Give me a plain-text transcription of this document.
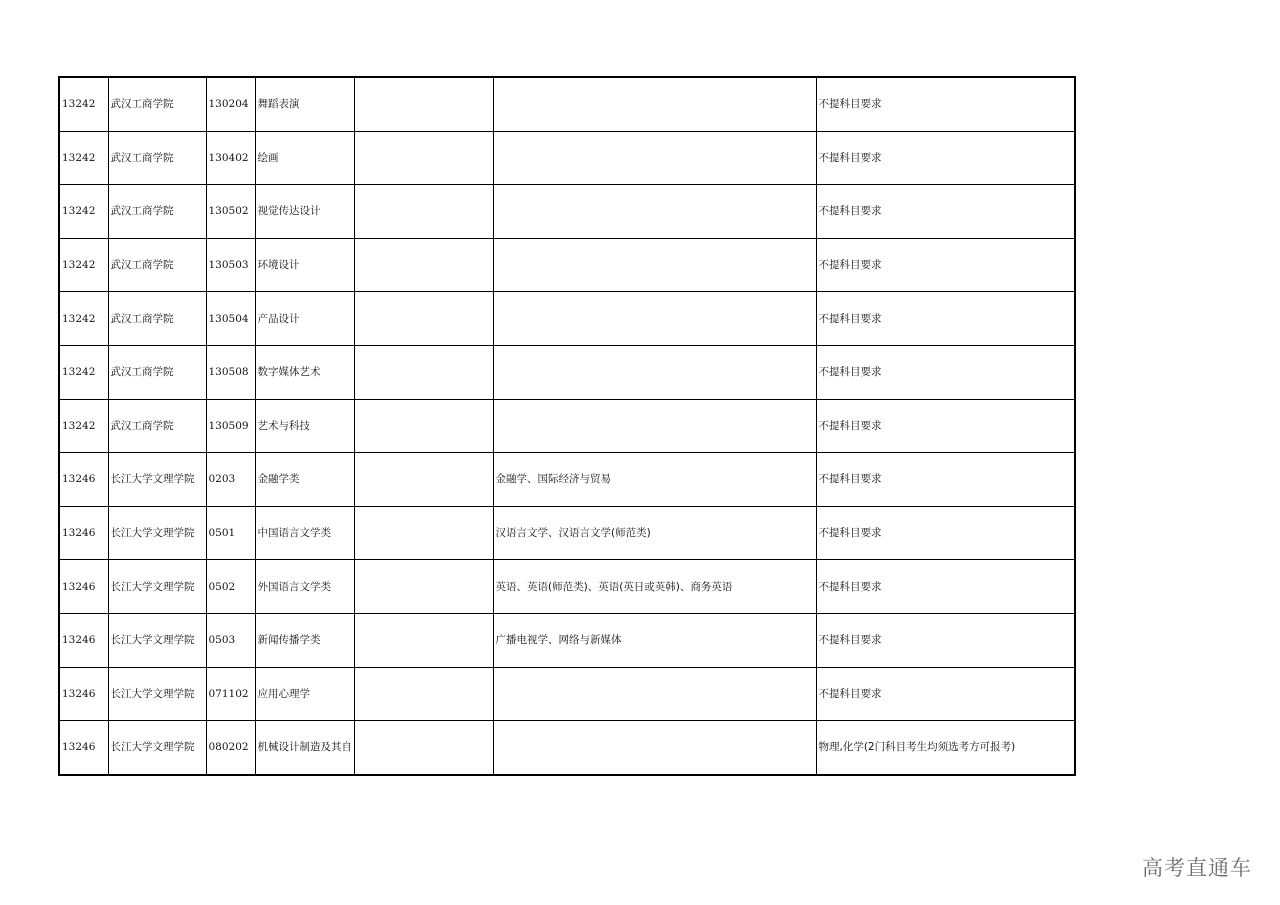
13242	武汉工商学院	130204	舞蹈表演			不提科目要求
13242	武汉工商学院	130402	绘画			不提科目要求
13242	武汉工商学院	130502	视觉传达设计			不提科目要求
13242	武汉工商学院	130503	环境设计			不提科目要求
13242	武汉工商学院	130504	产品设计			不提科目要求
13242	武汉工商学院	130508	数字媒体艺术			不提科目要求
13242	武汉工商学院	130509	艺术与科技			不提科目要求
13246	长江大学文理学院	0203	金融学类		金融学、国际经济与贸易	不提科目要求
13246	长江大学文理学院	0501	中国语言文学类		汉语言文学、汉语言文学(师范类)	不提科目要求
13246	长江大学文理学院	0502	外国语言文学类		英语、英语(师范类)、英语(英日或英韩)、商务英语	不提科目要求
13246	长江大学文理学院	0503	新闻传播学类		广播电视学、网络与新媒体	不提科目要求
13246	长江大学文理学院	071102	应用心理学			不提科目要求
13246	长江大学文理学院	080202	机械设计制造及其自			物理,化学(2门科目考生均须选考方可报考)
高考直通车
